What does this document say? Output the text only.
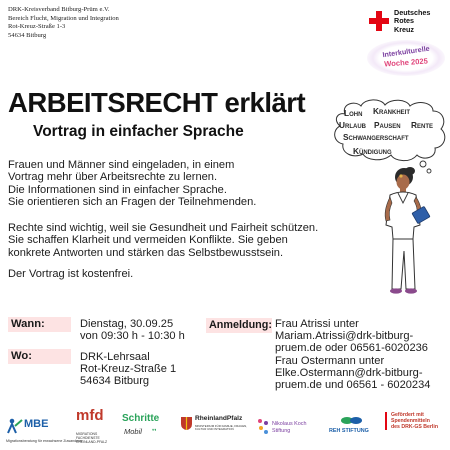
DRK-Kreisverband Bitburg-Prüm e.V.
Bereich Flucht, Migration und Integration
Rot-Kreuz-Straße 1-3
54634 Bitburg
Deutsches
Rotes
Kreuz
Interkulturelle
Woche 2025
ARBEITSRECHT erklärt
Vortrag in einfacher Sprache
Lohn Krankheit
Urlaub Pausen Rente
Schwangerschaft
Kündigung
Frauen und Männer sind eingeladen, in einem
Vortrag mehr über Arbeitsrechte zu lernen.
Die Informationen sind in einfacher Sprache.
Sie orientieren sich an Fragen der Teilnehmenden.
Rechte sind wichtig, weil sie Gesundheit und Fairheit schützen.
Sie schaffen Klarheit und vermeiden Konflikte. Sie geben
konkrete Antworten und stärken das Selbstbewusstsein.
Der Vortrag ist kostenfrei.
Wann:	Dienstag, 30.09.25
von 09:30 h - 10:30 h
Wo:	DRK-Lehrsaal
Rot-Kreuz-Straße 1
54634 Bitburg
Anmeldung: Frau Atrissi unter
Mariam.Atrissi@drk-bitburg-
pruem.de oder 06561-6020236
Frau Ostermann unter
Elke.Ostermann@drk-bitburg-
pruem.de und 06561 - 6020234
MBE
Migrationsberatung für erwachsene Zuwanderer
mfd
MIGRATIONS FACHDIENSTE RHEINLAND-PFALZ
Schritte
Mobil ❜❜
RheinlandPfalz
MINISTERIUM FÜR FAMILIE, FRAUEN, KULTUR UND INTEGRATION
Nikolaus Koch
Stiftung	REH STIFTUNG
Gefördert mit
Spendenmitteln
des DRK-GS Berlin
